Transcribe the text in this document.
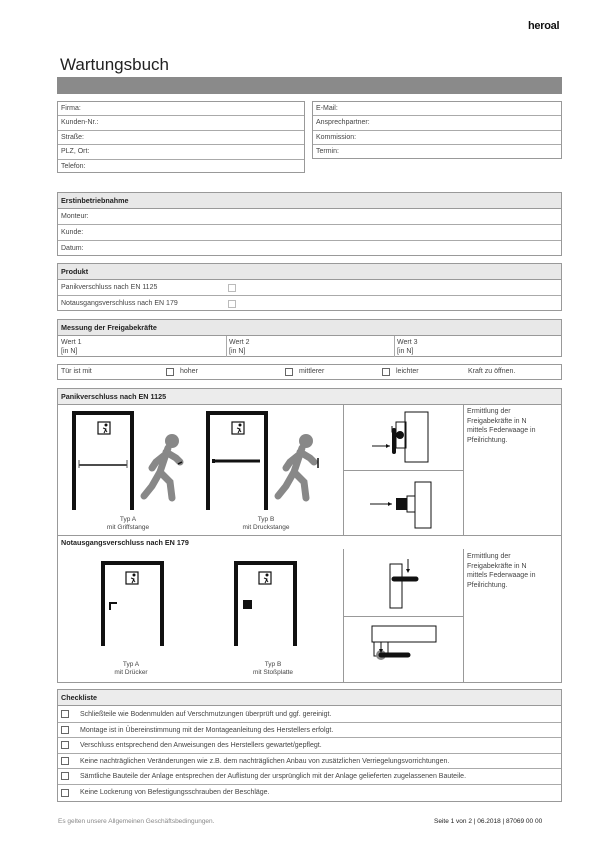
heroal
Wartungsbuch
Firma:
Kunden-Nr.:
Straße:
PLZ, Ort:
Telefon:
E-Mail:
Ansprechpartner:
Kommission:
Termin:
Erstinbetriebnahme
Monteur:
Kunde:
Datum:
Produkt
Panikverschluss nach EN 1125
Notausgangsverschluss nach EN 179
Messung der Freigabekräfte
Wert 1
[in N]
Wert 2
[in N]
Wert 3
[in N]
Tür ist mit	hoher	mittlerer	leichter	Kraft zu öffnen.
Panikverschluss nach EN 1125
Typ A
mit Griffstange
Typ B
mit Druckstange
Ermittlung der
Freigabekräfte in N
mittels Federwaage in
Pfeilrichtung.
Notausgangsverschluss nach EN 179
Typ A
mit Drücker
Typ B
mit Stoßplatte
Ermittlung der
Freigabekräfte in N
mittels Federwaage in
Pfeilrichtung.
Checkliste
Schließteile wie Bodenmulden auf Verschmutzungen überprüft und ggf. gereinigt.
Montage ist in Übereinstimmung mit der Montageanleitung des Herstellers erfolgt.
Verschluss entsprechend den Anweisungen des Herstellers gewartet/gepflegt.
Keine nachträglichen Veränderungen wie z.B. dem nachträglichen Anbau von zusätzlichen Verriegelungsvorrichtungen.
Sämtliche Bauteile der Anlage entsprechen der Auflistung der ursprünglich mit der Anlage gelieferten zugelassenen Bauteile.
Keine Lockerung von Befestigungsschrauben der Beschläge.
Es gelten unsere Allgemeinen Geschäftsbedingungen.	Seite 1 von 2 | 06.2018 | 87069 00 00
